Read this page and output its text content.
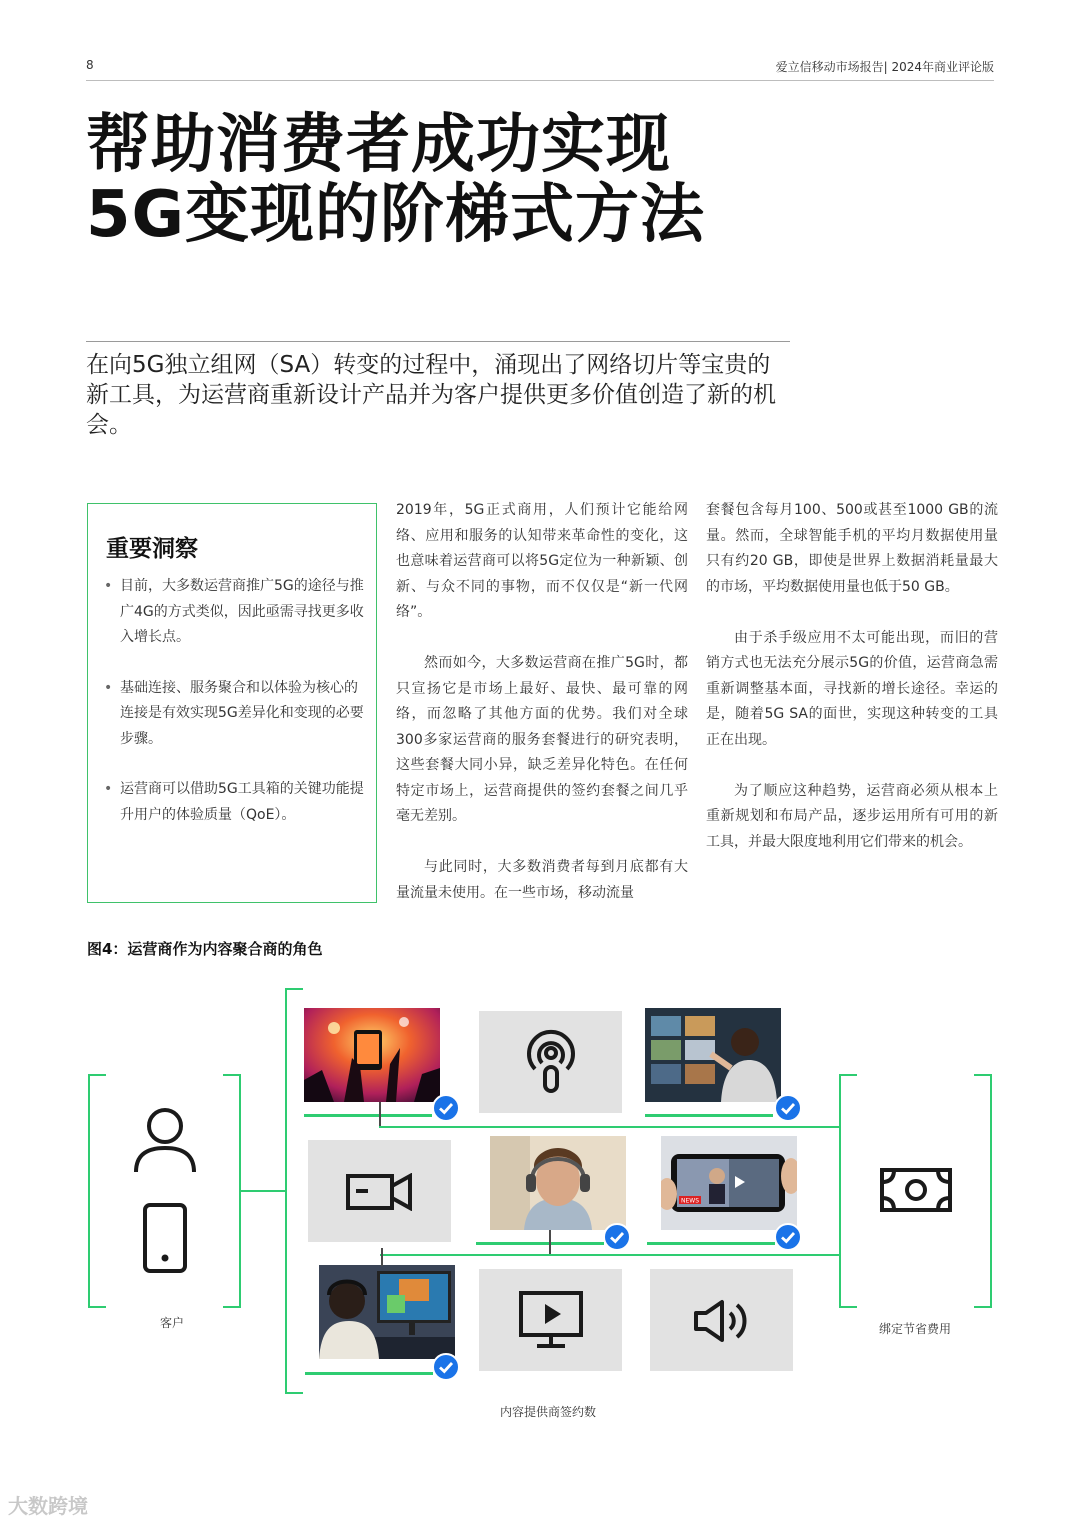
8	爱立信移动市场报告| 2024年商业评论版
帮助消费者成功实现
5G变现的阶梯式方法

在向5G独立组网（SA）转变的过程中，涌现出了网络切片等宝贵的新工具，为运营商重新设计产品并为客户提供更多价值创造了新的机会。

重要洞察
• 目前，大多数运营商推广5G的途径与推广4G的方式类似，因此亟需寻找更多收入增长点。
• 基础连接、服务聚合和以体验为核心的连接是有效实现5G差异化和变现的必要步骤。
• 运营商可以借助5G工具箱的关键功能提升用户的体验质量（QoE）。

2019年，5G正式商用，人们预计它能给网络、应用和服务的认知带来革命性的变化，这也意味着运营商可以将5G定位为一种新颖、创新、与众不同的事物，而不仅仅是“新一代网络”。

然而如今，大多数运营商在推广5G时，都只宣扬它是市场上最好、最快、最可靠的网络，而忽略了其他方面的优势。我们对全球300多家运营商的服务套餐进行的研究表明，这些套餐大同小异，缺乏差异化特色。在任何特定市场上，运营商提供的签约套餐之间几乎毫无差别。

与此同时，大多数消费者每到月底都有大量流量未使用。在一些市场，移动流量

套餐包含每月100、500或甚至1000 GB的流量。然而，全球智能手机的平均月数据使用量只有约20 GB，即使是世界上数据消耗量最大的市场，平均数据使用量也低于50 GB。

由于杀手级应用不太可能出现，而旧的营销方式也无法充分展示5G的价值，运营商急需重新调整基本面，寻找新的增长途径。幸运的是，随着5G SA的面世，实现这种转变的工具正在出现。

为了顺应这种趋势，运营商必须从根本上重新规划和布局产品，逐步运用所有可用的新工具，并最大限度地利用它们带来的机会。

图4：运营商作为内容聚合商的角色
客户
NEWS
内容提供商签约数
绑定节省费用
大数跨境
